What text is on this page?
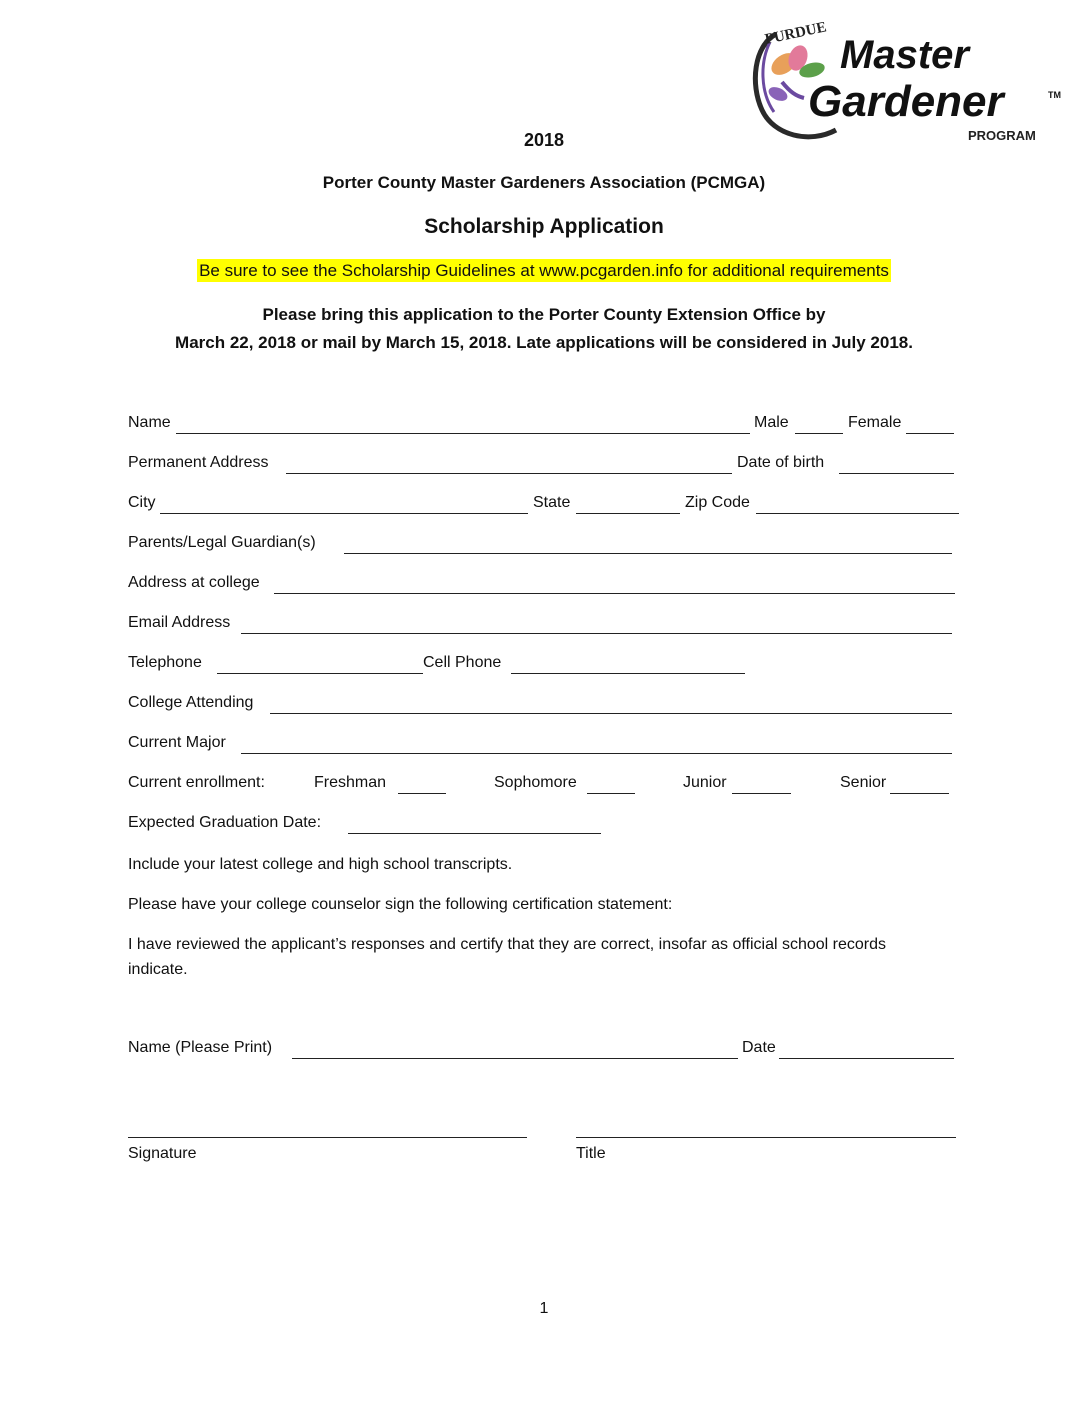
PURDUE Master
Gardener	TM
PROGRAM
2018
Porter County Master Gardeners Association (PCMGA)
Scholarship Application
Be sure to see the Scholarship Guidelines at www.pcgarden.info for additional requirements
Please bring this application to the Porter County Extension Office by
March 22, 2018 or mail by March 15, 2018. Late applications will be considered in July 2018.
Name	Male	Female
Permanent Address	Date of birth
City	State	Zip Code
Parents/Legal Guardian(s)
Address at college
Email Address
Telephone	Cell Phone
College Attending
Current Major
Current enrollment:	Freshman	Sophomore	Junior	Senior
Expected Graduation Date:
Include your latest college and high school transcripts.
Please have your college counselor sign the following certification statement:
I have reviewed the applicant’s responses and certify that they are correct, insofar as official school records indicate.
Name (Please Print)	Date
Signature	Title
1
